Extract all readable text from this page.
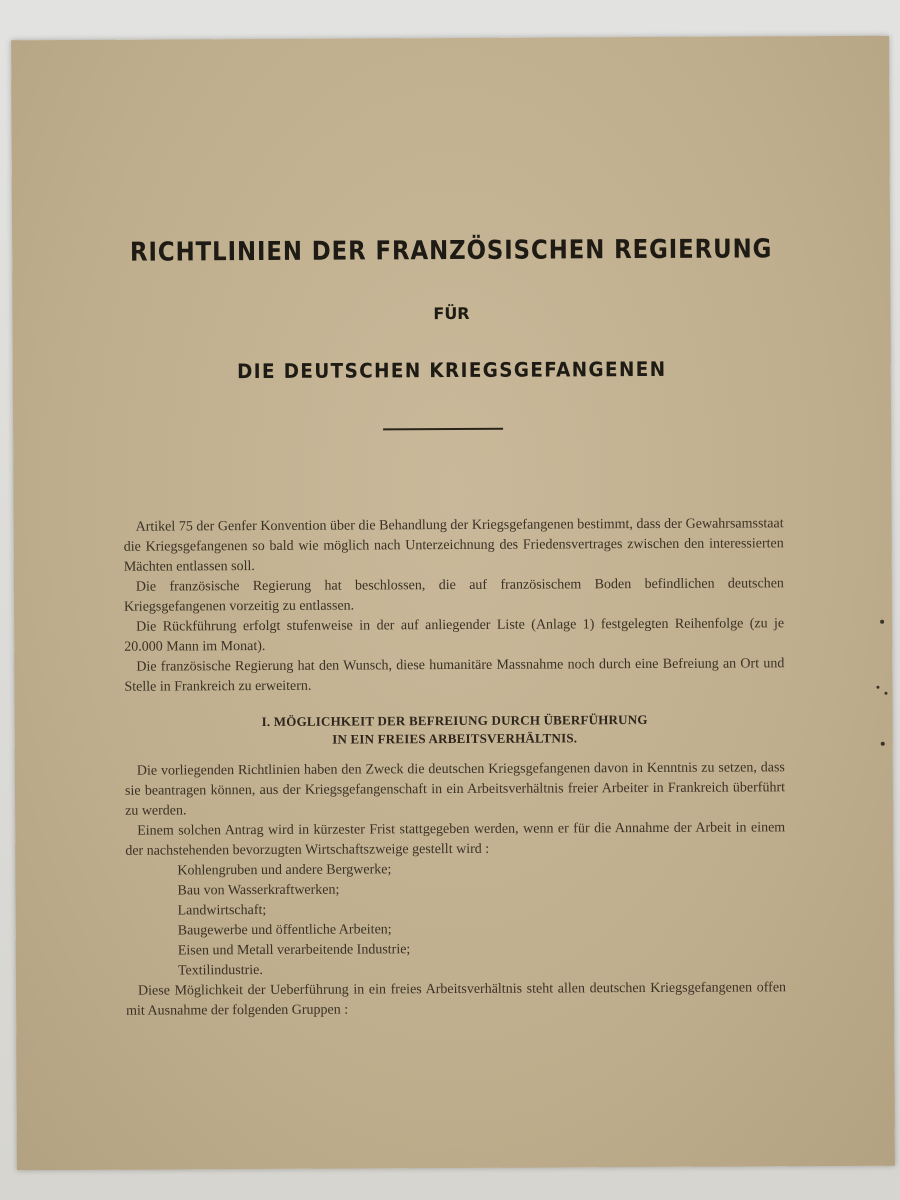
RICHTLINIEN DER FRANZÖSISCHEN REGIERUNG
FÜR
DIE DEUTSCHEN KRIEGSGEFANGENEN

Artikel 75 der Genfer Konvention über die Behandlung der Kriegsgefangenen bestimmt, dass der Gewahrsamsstaat die Kriegsgefangenen so bald wie möglich nach Unterzeichnung des Friedensvertrages zwischen den interessierten Mächten entlassen soll.

Die französische Regierung hat beschlossen, die auf französischem Boden befindlichen deutschen Kriegsgefangenen vorzeitig zu entlassen.

Die Rückführung erfolgt stufenweise in der auf anliegender Liste (Anlage 1) festgelegten Reihenfolge (zu je 20.000 Mann im Monat).

Die französische Regierung hat den Wunsch, diese humanitäre Massnahme noch durch eine Befreiung an Ort und Stelle in Frankreich zu erweitern.

I. MÖGLICHKEIT DER BEFREIUNG DURCH ÜBERFÜHRUNG
IN EIN FREIES ARBEITSVERHÄLTNIS.

Die vorliegenden Richtlinien haben den Zweck die deutschen Kriegsgefangenen davon in Kenntnis zu setzen, dass sie beantragen können, aus der Kriegsgefangenschaft in ein Arbeitsverhältnis freier Arbeiter in Frankreich überführt zu werden.

Einem solchen Antrag wird in kürzester Frist stattgegeben werden, wenn er für die Annahme der Arbeit in einem der nachstehenden bevorzugten Wirtschaftszweige gestellt wird :

Kohlengruben und andere Bergwerke;
Bau von Wasserkraftwerken;
Landwirtschaft;
Baugewerbe und öffentliche Arbeiten;
Eisen und Metall verarbeitende Industrie;
Textilindustrie.

Diese Möglichkeit der Ueberführung in ein freies Arbeitsverhältnis steht allen deutschen Kriegsgefangenen offen mit Ausnahme der folgenden Gruppen :
